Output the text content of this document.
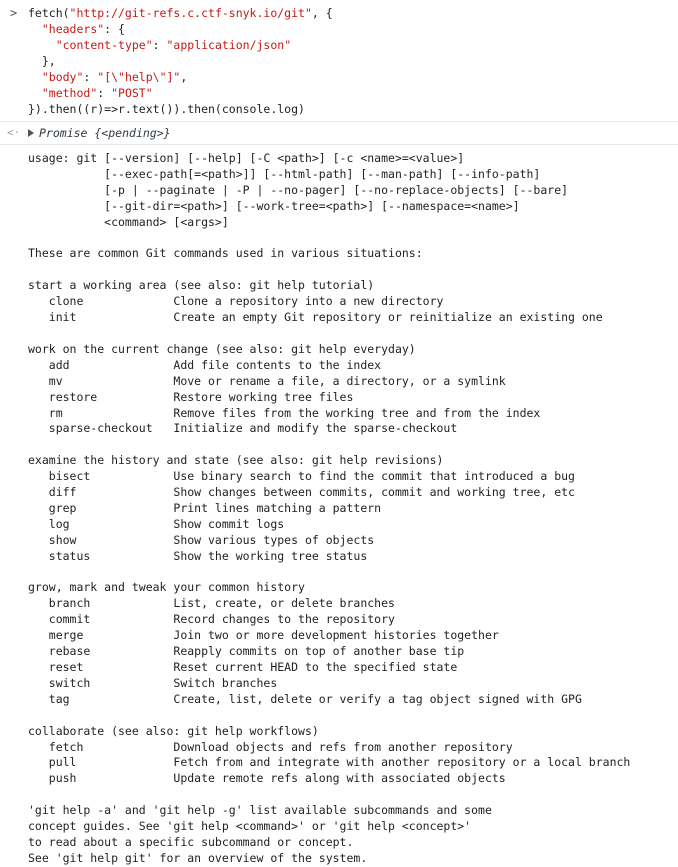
> fetch("http://git-refs.c.ctf-snyk.io/git", {
"headers": {
"content-type": "application/json"
},
"body": "[\"help\"]",
"method": "POST"
}).then((r)=>r.text()).then(console.log)
<· Promise {<pending>}
usage: git [--version] [--help] [-C <path>] [-c <name>=<value>]
[--exec-path[=<path>]] [--html-path] [--man-path] [--info-path]
[-p | --paginate | -P | --no-pager] [--no-replace-objects] [--bare]
[--git-dir=<path>] [--work-tree=<path>] [--namespace=<name>]
<command> [<args>]

These are common Git commands used in various situations:

start a working area (see also: git help tutorial)
clone             Clone a repository into a new directory
init              Create an empty Git repository or reinitialize an existing one

work on the current change (see also: git help everyday)
add               Add file contents to the index
mv                Move or rename a file, a directory, or a symlink
restore           Restore working tree files
rm                Remove files from the working tree and from the index
sparse-checkout   Initialize and modify the sparse-checkout

examine the history and state (see also: git help revisions)
bisect            Use binary search to find the commit that introduced a bug
diff              Show changes between commits, commit and working tree, etc
grep              Print lines matching a pattern
log               Show commit logs
show              Show various types of objects
status            Show the working tree status

grow, mark and tweak your common history
branch            List, create, or delete branches
commit            Record changes to the repository
merge             Join two or more development histories together
rebase            Reapply commits on top of another base tip
reset             Reset current HEAD to the specified state
switch            Switch branches
tag               Create, list, delete or verify a tag object signed with GPG

collaborate (see also: git help workflows)
fetch             Download objects and refs from another repository
pull              Fetch from and integrate with another repository or a local branch
push              Update remote refs along with associated objects

'git help -a' and 'git help -g' list available subcommands and some
concept guides. See 'git help <command>' or 'git help <concept>'
to read about a specific subcommand or concept.
See 'git help git' for an overview of the system.
